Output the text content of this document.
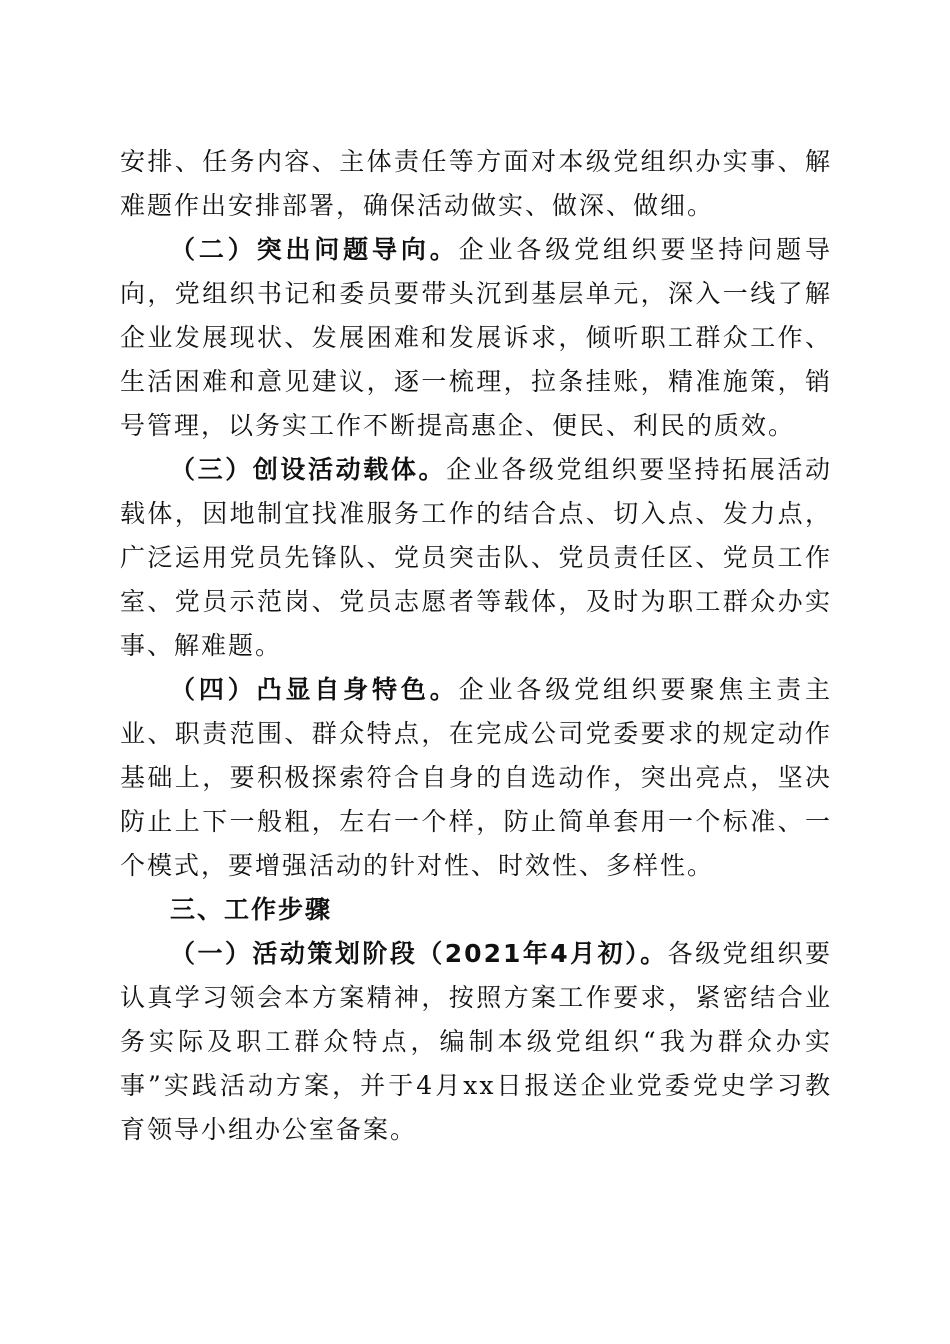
安排、任务内容、主体责任等方面对本级党组织办实事、解难题作出安排部署，确保活动做实、做深、做细。

（二）突出问题导向。企业各级党组织要坚持问题导向，党组织书记和委员要带头沉到基层单元，深入一线了解企业发展现状、发展困难和发展诉求，倾听职工群众工作、生活困难和意见建议，逐一梳理，拉条挂账，精准施策，销号管理，以务实工作不断提高惠企、便民、利民的质效。

（三）创设活动载体。企业各级党组织要坚持拓展活动载体，因地制宜找准服务工作的结合点、切入点、发力点，广泛运用党员先锋队、党员突击队、党员责任区、党员工作室、党员示范岗、党员志愿者等载体，及时为职工群众办实事、解难题。

（四）凸显自身特色。企业各级党组织要聚焦主责主业、职责范围、群众特点，在完成公司党委要求的规定动作基础上，要积极探索符合自身的自选动作，突出亮点，坚决防止上下一般粗，左右一个样，防止简单套用一个标准、一个模式，要增强活动的针对性、时效性、多样性。

三、工作步骤

（一）活动策划阶段（2021年4月初）。各级党组织要认真学习领会本方案精神，按照方案工作要求，紧密结合业务实际及职工群众特点，编制本级党组织“我为群众办实事”实践活动方案，并于4月xx日报送企业党委党史学习教育领导小组办公室备案。
